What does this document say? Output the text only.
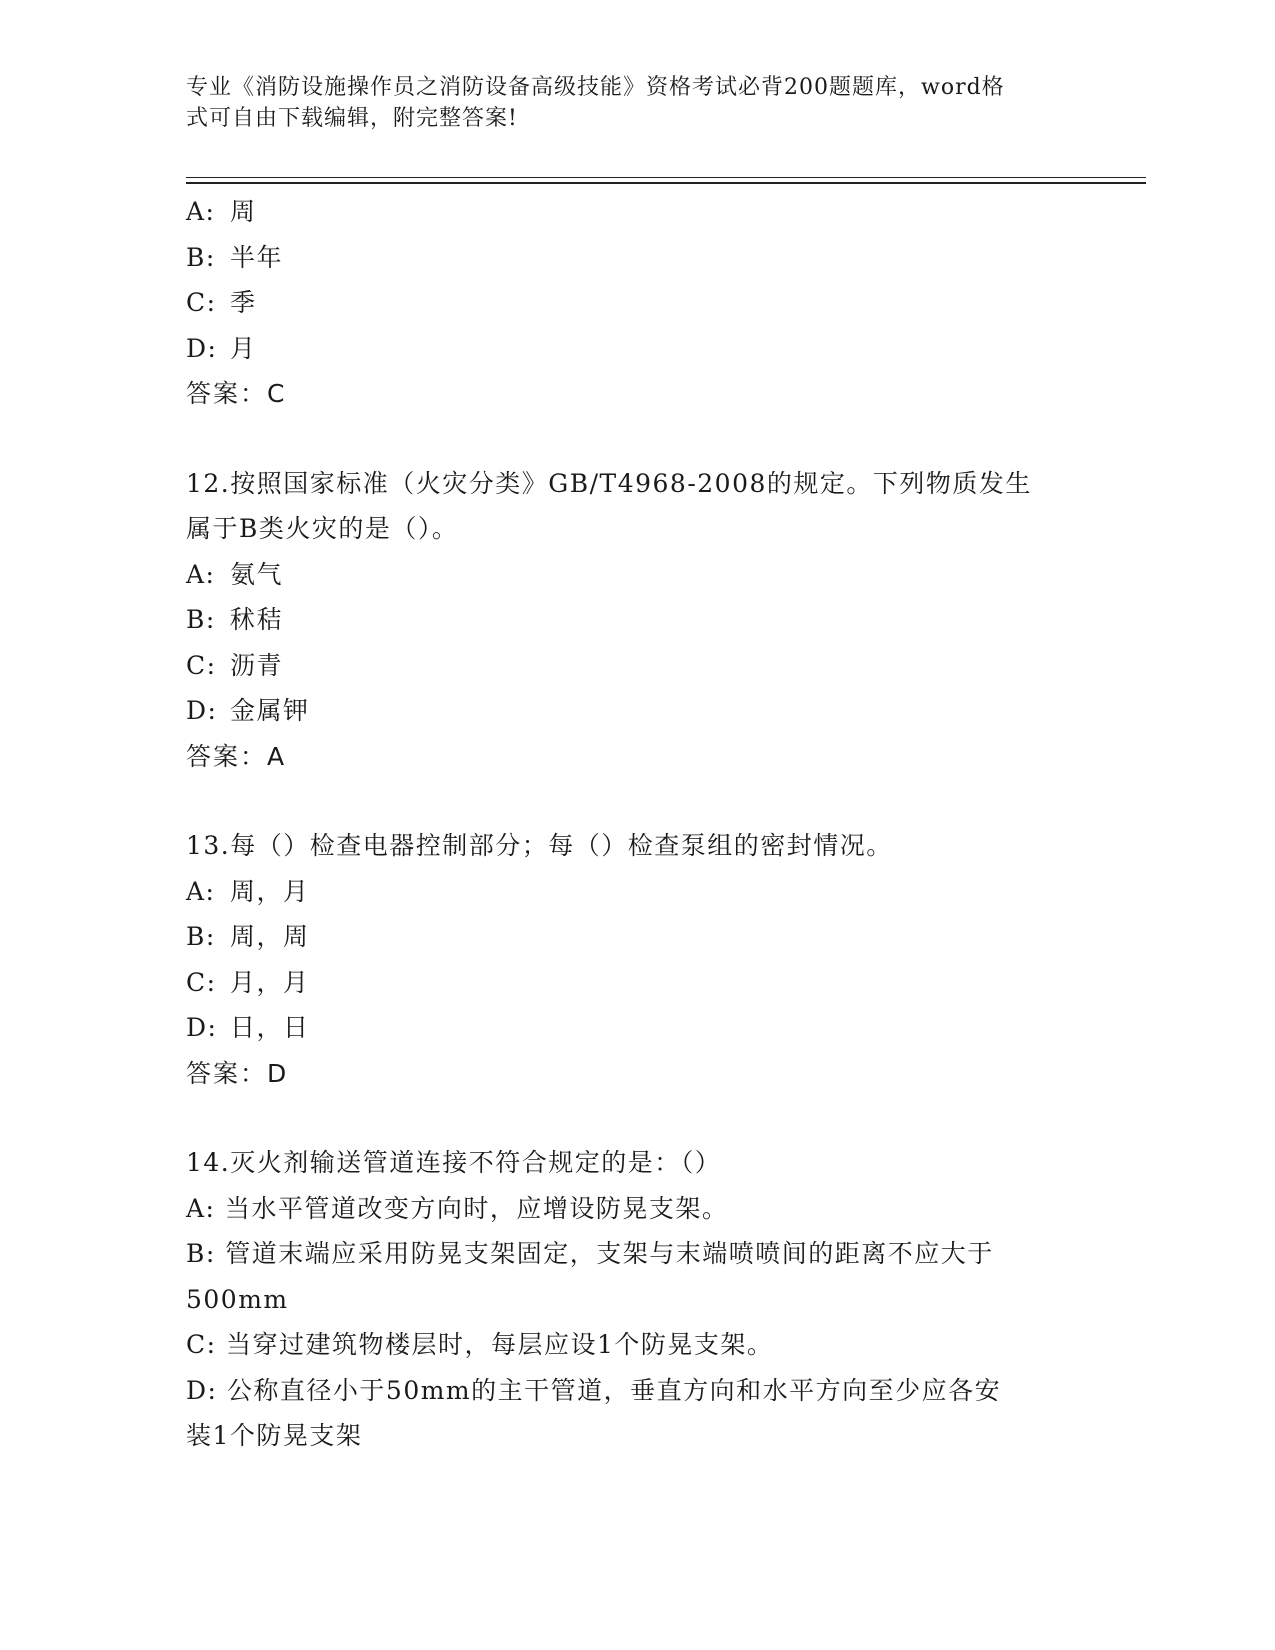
专业《消防设施操作员之消防设备高级技能》资格考试必背200题题库，word格
式可自由下载编辑，附完整答案!
A: 周
B: 半年
C: 季
D: 月
答案：C
12.按照国家标准（火灾分类》GB/T4968-2008的规定。下列物质发生
属于B类火灾的是（）。
A: 氨气
B: 秫秸
C: 沥青
D: 金属钾
答案：A
13.每（）检查电器控制部分；每（）检查泵组的密封情况。
A: 周，月
B: 周，周
C: 月，月
D: 日，日
答案：D
14.灭火剂输送管道连接不符合规定的是：（）
A: 当水平管道改变方向时，应增设防晃支架。
B: 管道末端应采用防晃支架固定，支架与末端喷喷间的距离不应大于
500mm
C: 当穿过建筑物楼层时，每层应设1个防晃支架。
D: 公称直径小于50mm的主干管道，垂直方向和水平方向至少应各安
装1个防晃支架
